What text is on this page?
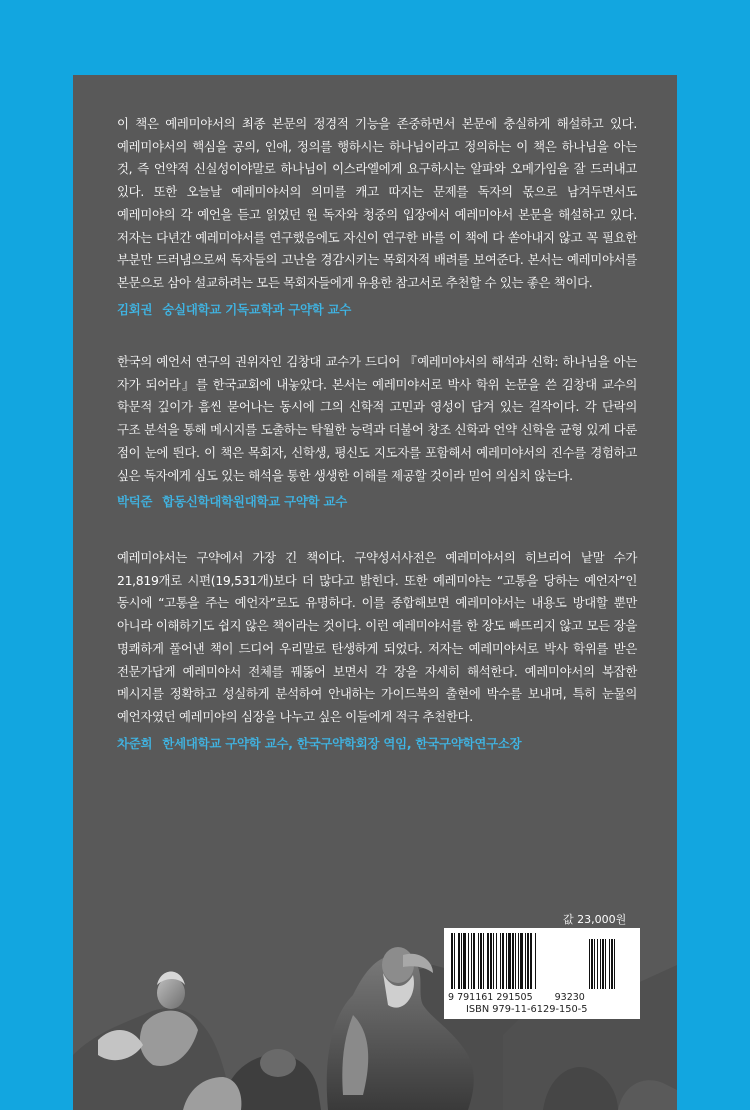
이 책은 예레미야서의 최종 본문의 정경적 기능을 존중하면서 본문에 충실하게 해설하고 있다. 예레미야서의 핵심을 공의, 인애, 정의를 행하시는 하나님이라고 정의하는 이 책은 하나님을 아는 것, 즉 언약적 신실성이야말로 하나님이 이스라엘에게 요구하시는 알파와 오메가임을 잘 드러내고 있다. 또한 오늘날 예레미야서의 의미를 캐고 따지는 문제를 독자의 몫으로 남겨두면서도 예레미야의 각 예언을 듣고 읽었던 원 독자와 청중의 입장에서 예레미야서 본문을 해설하고 있다. 저자는 다년간 예레미야서를 연구했음에도 자신이 연구한 바를 이 책에 다 쏟아내지 않고 꼭 필요한 부분만 드러냄으로써 독자들의 고난을 경감시키는 목회자적 배려를 보여준다. 본서는 예레미야서를 본문으로 삼아 설교하려는 모든 목회자들에게 유용한 참고서로 추천할 수 있는 좋은 책이다.

김회권 숭실대학교 기독교학과 구약학 교수

한국의 예언서 연구의 권위자인 김창대 교수가 드디어 『예레미야서의 해석과 신학: 하나님을 아는 자가 되어라』를 한국교회에 내놓았다. 본서는 예레미야서로 박사 학위 논문을 쓴 김창대 교수의 학문적 깊이가 흠씬 묻어나는 동시에 그의 신학적 고민과 영성이 담겨 있는 걸작이다. 각 단락의 구조 분석을 통해 메시지를 도출하는 탁월한 능력과 더불어 창조 신학과 언약 신학을 균형 있게 다룬 점이 눈에 띈다. 이 책은 목회자, 신학생, 평신도 지도자를 포함해서 예레미야서의 진수를 경험하고 싶은 독자에게 심도 있는 해석을 통한 생생한 이해를 제공할 것이라 믿어 의심치 않는다.

박덕준 합동신학대학원대학교 구약학 교수

예레미야서는 구약에서 가장 긴 책이다. 구약성서사전은 예레미야서의 히브리어 낱말 수가 21,819개로 시편(19,531개)보다 더 많다고 밝힌다. 또한 예레미야는 “고통을 당하는 예언자”인 동시에 “고통을 주는 예언자”로도 유명하다. 이를 종합해보면 예레미야서는 내용도 방대할 뿐만 아니라 이해하기도 쉽지 않은 책이라는 것이다. 이런 예레미야서를 한 장도 빠뜨리지 않고 모든 장을 명쾌하게 풀어낸 책이 드디어 우리말로 탄생하게 되었다. 저자는 예레미야서로 박사 학위를 받은 전문가답게 예레미야서 전체를 꿰뚫어 보면서 각 장을 자세히 해석한다. 예레미야서의 복잡한 메시지를 정확하고 성실하게 분석하여 안내하는 가이드북의 출현에 박수를 보내며, 특히 눈물의 예언자였던 예레미야의 심장을 나누고 싶은 이들에게 적극 추천한다.

차준희 한세대학교 구약학 교수, 한국구약학회장 역임, 한국구약학연구소장

값 23,000원
9 791161 291505 93230
ISBN 979-11-6129-150-5
